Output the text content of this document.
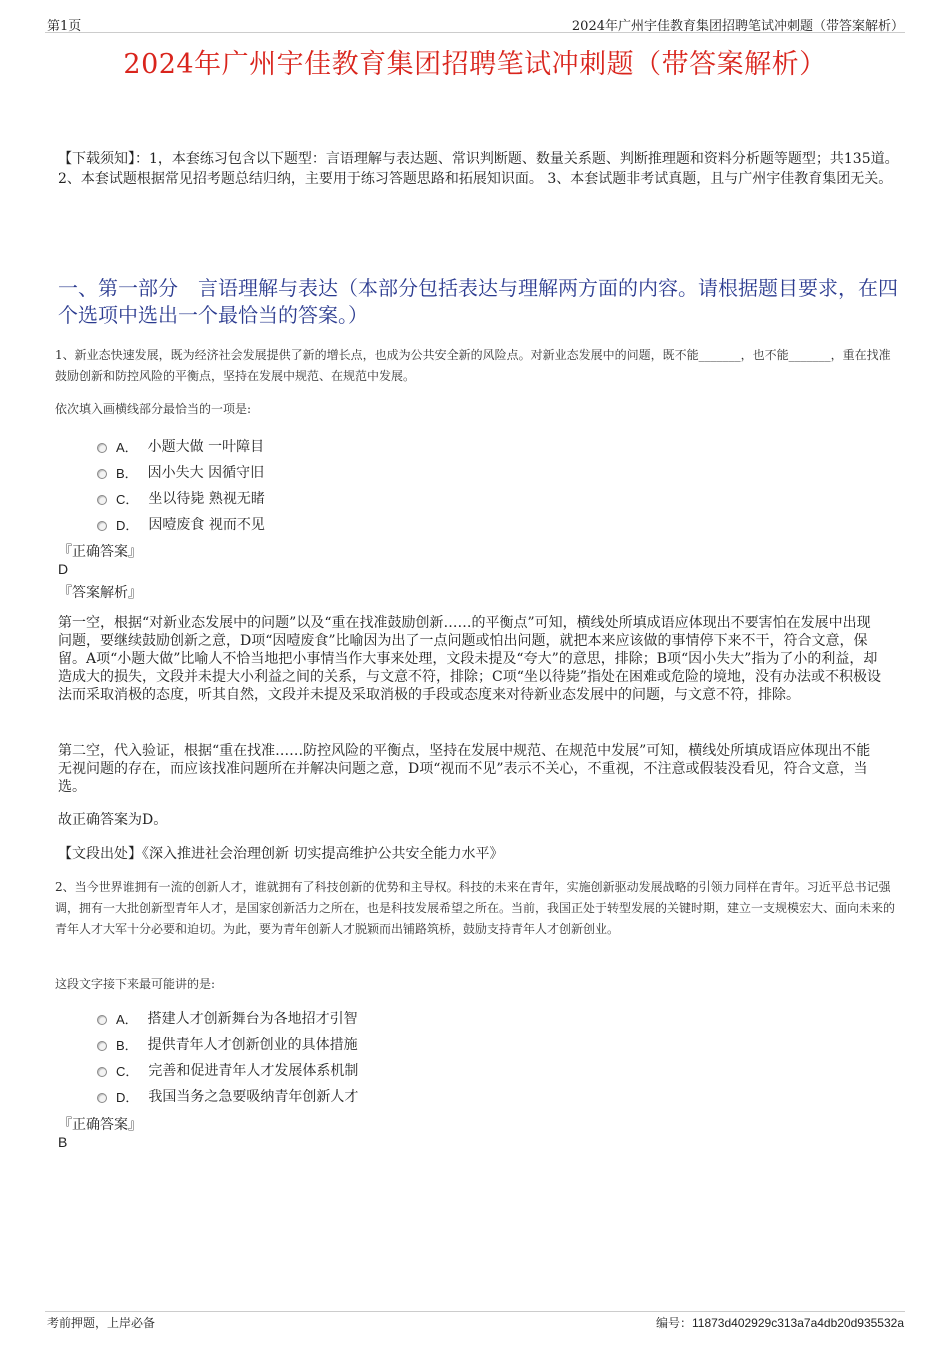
第1页	2024年广州宇佳教育集团招聘笔试冲刺题（带答案解析）
2024年广州宇佳教育集团招聘笔试冲刺题（带答案解析）
【下载须知】：1，本套练习包含以下题型：言语理解与表达题、常识判断题、数量关系题、判断推理题和资料分析题等题型；共135道。 2、本套试题根据常见招考题总结归纳，主要用于练习答题思路和拓展知识面。 3、本套试题非考试真题，且与广州宇佳教育集团无关。
一、第一部分　言语理解与表达（本部分包括表达与理解两方面的内容。请根据题目要求，在四个选项中选出一个最恰当的答案。）
1、新业态快速发展，既为经济社会发展提供了新的增长点，也成为公共安全新的风险点。对新业态发展中的问题，既不能_______，也不能_______，重在找准鼓励创新和防控风险的平衡点，坚持在发展中规范、在规范中发展。
依次填入画横线部分最恰当的一项是:
A． 小题大做 一叶障目
B． 因小失大 因循守旧
C． 坐以待毙 熟视无睹
D． 因噎废食 视而不见
『正确答案』
D
『答案解析』
第一空，根据“对新业态发展中的问题”以及“重在找准鼓励创新……的平衡点”可知，横线处所填成语应体现出不要害怕在发展中出现问题，要继续鼓励创新之意，D项“因噎废食”比喻因为出了一点问题或怕出问题，就把本来应该做的事情停下来不干，符合文意，保留。A项“小题大做”比喻人不恰当地把小事情当作大事来处理，文段未提及“夸大”的意思，排除；B项“因小失大”指为了小的利益，却造成大的损失，文段并未提大小利益之间的关系，与文意不符，排除；C项“坐以待毙”指处在困难或危险的境地，没有办法或不积极设法而采取消极的态度，听其自然，文段并未提及采取消极的手段或态度来对待新业态发展中的问题，与文意不符，排除。
第二空，代入验证，根据“重在找准……防控风险的平衡点，坚持在发展中规范、在规范中发展”可知，横线处所填成语应体现出不能无视问题的存在，而应该找准问题所在并解决问题之意，D项“视而不见”表示不关心，不重视，不注意或假装没看见，符合文意，当选。
故正确答案为D。
【文段出处】《深入推进社会治理创新 切实提高维护公共安全能力水平》
2、当今世界谁拥有一流的创新人才，谁就拥有了科技创新的优势和主导权。科技的未来在青年，实施创新驱动发展战略的引领力同样在青年。习近平总书记强调，拥有一大批创新型青年人才，是国家创新活力之所在，也是科技发展希望之所在。当前，我国正处于转型发展的关键时期，建立一支规模宏大、面向未来的青年人才大军十分必要和迫切。为此，要为青年创新人才脱颖而出铺路筑桥，鼓励支持青年人才创新创业。
这段文字接下来最可能讲的是:
A． 搭建人才创新舞台为各地招才引智
B． 提供青年人才创新创业的具体措施
C． 完善和促进青年人才发展体系机制
D． 我国当务之急要吸纳青年创新人才
『正确答案』
B
考前押题，上岸必备	编号：11873d402929c313a7a4db20d935532a
